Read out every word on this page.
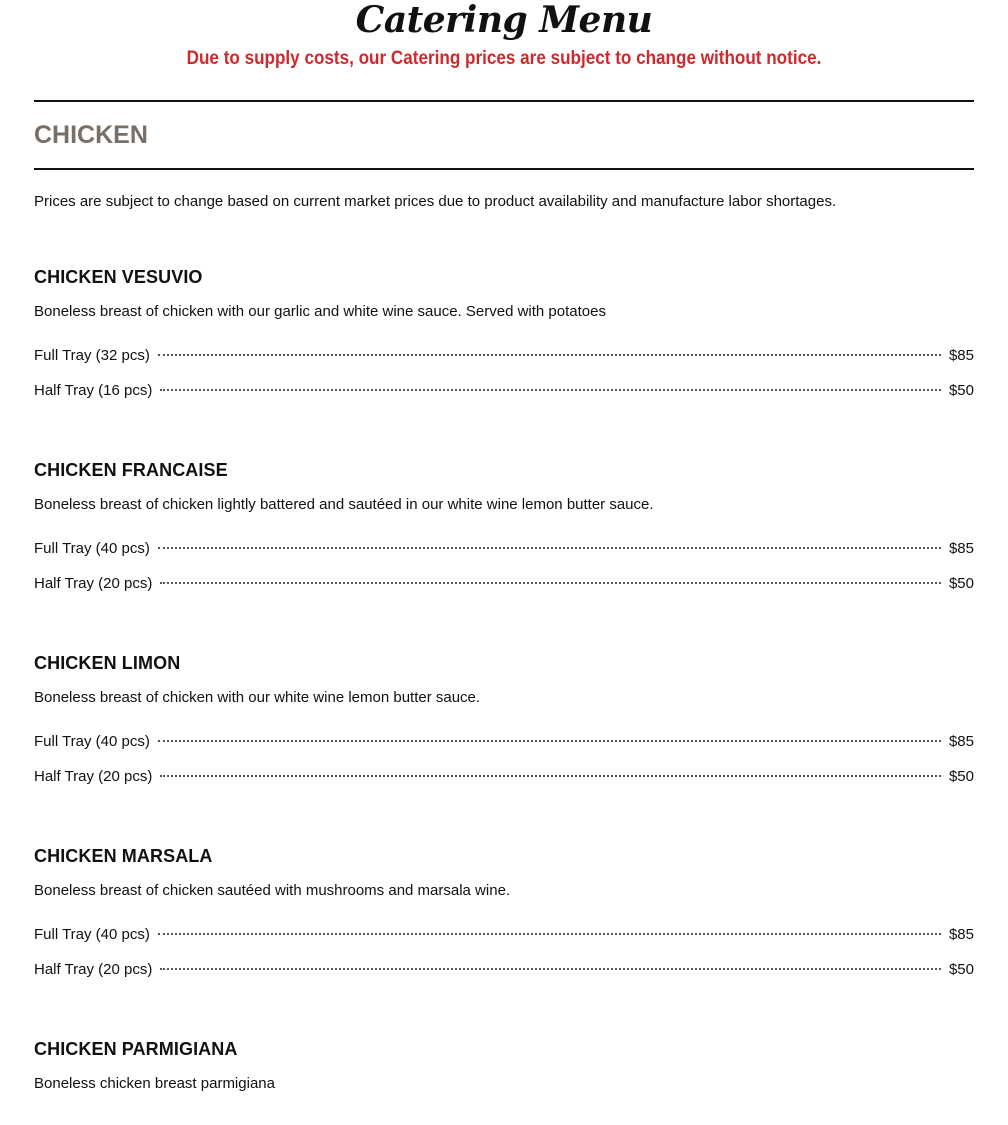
Catering Menu
Due to supply costs, our Catering prices are subject to change without notice.
CHICKEN

Prices are subject to change based on current market prices due to product availability and manufacture labor shortages.

CHICKEN VESUVIO

Boneless breast of chicken with our garlic and white wine sauce. Served with potatoes

Full Tray (32 pcs)	$85
Half Tray (16 pcs)	$50
CHICKEN FRANCAISE

Boneless breast of chicken lightly battered and sautéed in our white wine lemon butter sauce.

Full Tray (40 pcs)	$85
Half Tray (20 pcs)	$50
CHICKEN LIMON

Boneless breast of chicken with our white wine lemon butter sauce.

Full Tray (40 pcs)	$85
Half Tray (20 pcs)	$50
CHICKEN MARSALA

Boneless breast of chicken sautéed with mushrooms and marsala wine.

Full Tray (40 pcs)	$85
Half Tray (20 pcs)	$50
CHICKEN PARMIGIANA

Boneless chicken breast parmigiana
